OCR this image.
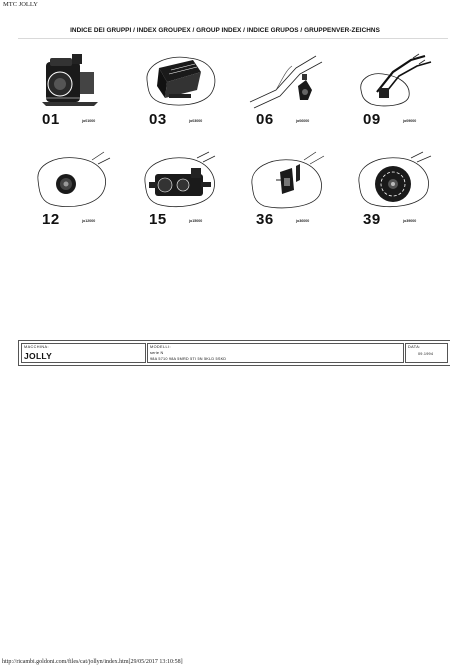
MTC JOLLY
INDICE DEI GRUPPI / INDEX GROUPEX / GROUP INDEX / INDICE GRUPOS / GRUPPENVER-ZEICHNS
01	jo01000	03	jo03000	06	jo06000	09	jo09000
12	jo12000	15	jo15000	36	jo36000	39	jo39000
MACCHINA:
JOLLY
MODELLI:
serie N
98A 5710 98A 5MRD 5TI 5N 5KLD 5SKD
DATA:
09.1994
http://ricambi.goldoni.com/files/cat/jollyn/index.htm[29/05/2017 13:10:58]
